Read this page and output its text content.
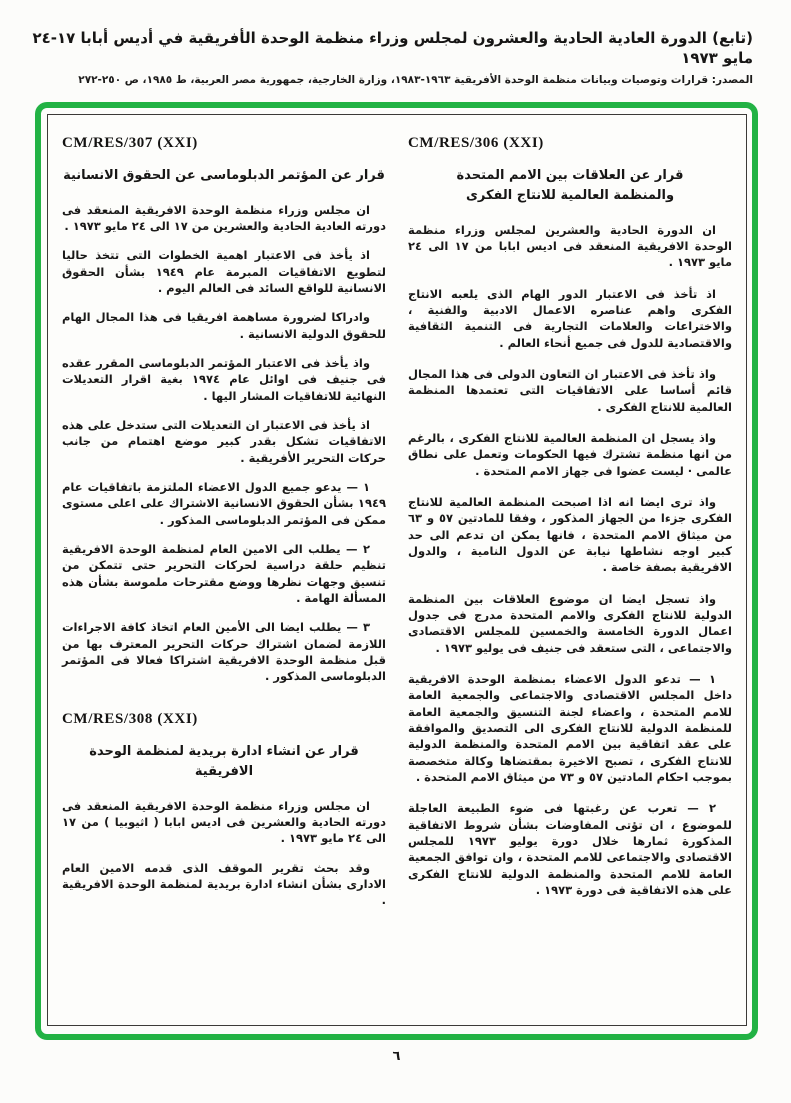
(تابع) الدورة العادية الحادية والعشرون لمجلس وزراء منظمة الوحدة الأفريقية في أديس أبابا ١٧-٢٤ مايو ١٩٧٣
المصدر: قرارات وتوصيات وبيانات منظمة الوحدة الأفريقية ١٩٦٣-١٩٨٣، وزارة الخارجية، جمهورية مصر العربية، ط ١٩٨٥، ص ٢٥٠-٢٧٢
CM/RES/306 (XXI)
قرار عن العلاقات بين الامم المتحدة
والمنظمة العالمية للانتاج الفكرى

ان الدورة الحادية والعشرين لمجلس وزراء منظمة الوحدة الافريقية المنعقد فى اديس ابابا من ١٧ الى ٢٤ مايو ١٩٧٣ .

اذ تأخذ فى الاعتبار الدور الهام الذى يلعبه الانتاج الفكرى واهم عناصره الاعمال الادبية والفنية ، والاختراعات والعلامات التجارية فى التنمية الثقافية والاقتصادية للدول فى جميع أنحاء العالم .

واذ تأخذ فى الاعتبار ان التعاون الدولى فى هذا المجال قائم أساسا على الاتفاقيات التى تعتمدها المنظمة العالمية للانتاج الفكرى .

واذ يسجل ان المنظمة العالمية للانتاج الفكرى ، بالرغم من انها منظمة تشترك فيها الحكومات وتعمل على نطاق عالمى · ليست عضوا فى جهاز الامم المتحدة .

واذ ترى ايضا انه اذا اصبحت المنظمة العالمية للانتاج الفكرى جزءا من الجهاز المذكور ، وفقا للمادتين ٥٧ و ٦٣ من ميثاق الامم المتحدة ، فانها يمكن ان تدعم الى حد كبير اوجه نشاطها نيابة عن الدول النامية ، والدول الافريقية بصفة خاصة .

واذ تسجل ايضا ان موضوع العلاقات بين المنظمة الدولية للانتاج الفكرى والامم المتحدة مدرج فى جدول اعمال الدورة الخامسة والخمسين للمجلس الاقتصادى والاجتماعى ، التى ستعقد فى جنيف فى يوليو ١٩٧٣ .

١ — تدعو الدول الاعضاء بمنظمة الوحدة الافريقية داخل المجلس الاقتصادى والاجتماعى والجمعية العامة للامم المتحدة ، واعضاء لجنة التنسيق والجمعية العامة للمنظمة الدولية للانتاج الفكرى الى التصديق والموافقة على عقد اتفاقية بين الامم المتحدة والمنظمة الدولية للانتاج الفكرى ، تصبح الاخيرة بمقتضاها وكالة متخصصة بموجب احكام المادتين ٥٧ و ٧٣ من ميثاق الامم المتحدة .

٢ — تعرب عن رغبتها فى ضوء الطبيعة العاجلة للموضوع ، ان تؤتى المفاوضات بشأن شروط الاتفاقية المذكورة ثمارها خلال دورة يوليو ١٩٧٣ للمجلس الاقتصادى والاجتماعى للامم المتحدة ، وان توافق الجمعية العامة للامم المتحدة والمنظمة الدولية للانتاج الفكرى على هذه الاتفاقية فى دورة ١٩٧٣ .

CM/RES/307 (XXI)
قرار عن المؤتمر الدبلوماسى عن الحقوق الانسانية

ان مجلس وزراء منظمة الوحدة الافريقية المنعقد فى دورته العادية الحادية والعشرين من ١٧ الى ٢٤ مايو ١٩٧٣ .

اذ يأخذ فى الاعتبار اهمية الخطوات التى تتخذ حاليا لتطويع الاتفاقيات المبرمة عام ١٩٤٩ بشأن الحقوق الانسانية للواقع السائد فى العالم اليوم .

وادراكا لضرورة مساهمة افريقيا فى هذا المجال الهام للحقوق الدولية الانسانية .

واذ يأخذ فى الاعتبار المؤتمر الدبلوماسى المقرر عقده فى جنيف فى اوائل عام ١٩٧٤ بغية اقرار التعديلات النهائية للاتفاقيات المشار اليها .

اذ يأخذ فى الاعتبار ان التعديلات التى ستدخل على هذه الاتفاقيات تشكل بقدر كبير موضع اهتمام من جانب حركات التحرير الأفريقية .

١ — يدعو جميع الدول الاعضاء الملتزمة باتفاقيات عام ١٩٤٩ بشأن الحقوق الانسانية الاشتراك على اعلى مستوى ممكن فى المؤتمر الدبلوماسى المذكور .

٢ — يطلب الى الامين العام لمنظمة الوحدة الافريقية تنظيم حلقة دراسية لحركات التحرير حتى تتمكن من تنسيق وجهات نظرها ووضع مقترحات ملموسة بشأن هذه المسألة الهامة .

٣ — يطلب ايضا الى الأمين العام اتخاذ كافة الاجراءات اللازمة لضمان اشتراك حركات التحرير المعترف بها من قبل منظمة الوحدة الافريقية اشتراكا فعالا فى المؤتمر الدبلوماسى المذكور .

CM/RES/308 (XXI)
قرار عن انشاء ادارة بريدية لمنظمة الوحدة الافريقية

ان مجلس وزراء منظمة الوحدة الافريقية المنعقد فى دورته الحادية والعشرين فى اديس ابابا ( اثيوبيا ) من ١٧ الى ٢٤ مايو ١٩٧٣ .

وقد بحث تقرير الموقف الذى قدمه الامين العام الادارى بشأن انشاء ادارة بريدية لمنظمة الوحدة الافريقية .

٦
